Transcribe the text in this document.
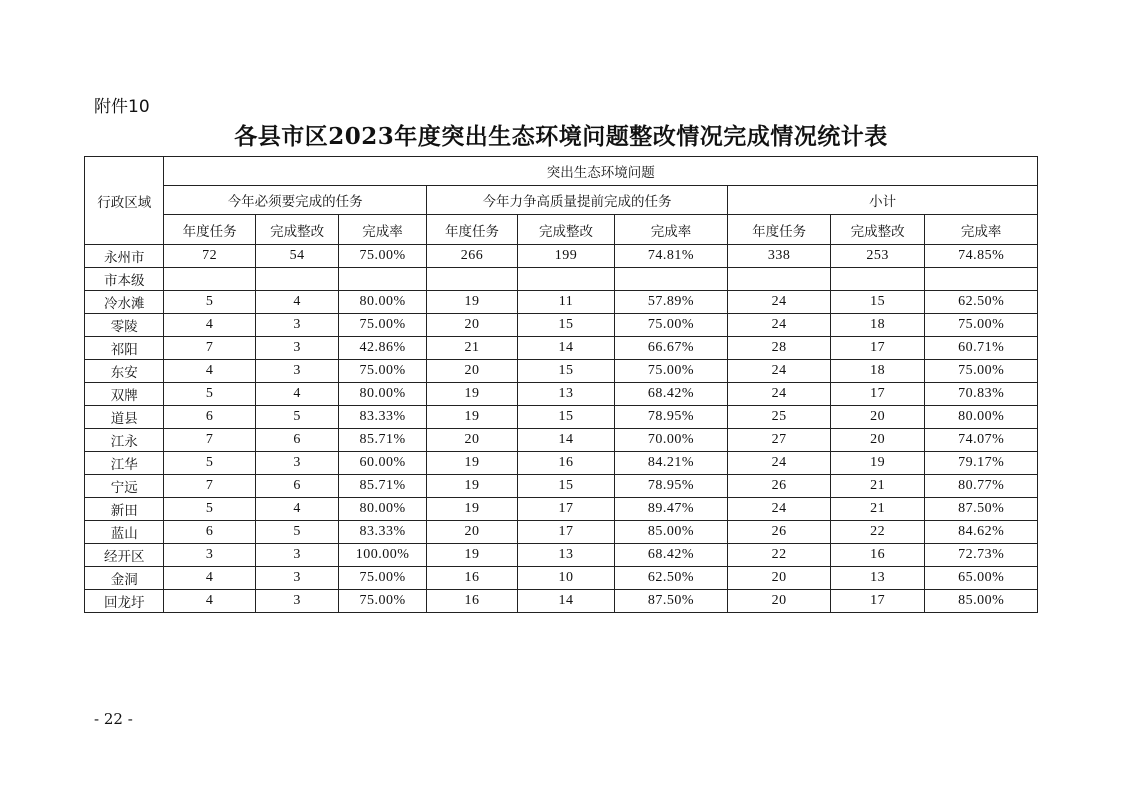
附件10
各县市区2023年度突出生态环境问题整改情况完成情况统计表
行政区域	突出生态环境问题								
	今年必须要完成的任务			今年力争高质量提前完成的任务			小计		
	年度任务	完成整改	完成率	年度任务	完成整改	完成率	年度任务	完成整改	完成率
永州市	72	54	75.00%	266	199	74.81%	338	253	74.85%
市本级									
冷水滩	5	4	80.00%	19	11	57.89%	24	15	62.50%
零陵	4	3	75.00%	20	15	75.00%	24	18	75.00%
祁阳	7	3	42.86%	21	14	66.67%	28	17	60.71%
东安	4	3	75.00%	20	15	75.00%	24	18	75.00%
双牌	5	4	80.00%	19	13	68.42%	24	17	70.83%
道县	6	5	83.33%	19	15	78.95%	25	20	80.00%
江永	7	6	85.71%	20	14	70.00%	27	20	74.07%
江华	5	3	60.00%	19	16	84.21%	24	19	79.17%
宁远	7	6	85.71%	19	15	78.95%	26	21	80.77%
新田	5	4	80.00%	19	17	89.47%	24	21	87.50%
蓝山	6	5	83.33%	20	17	85.00%	26	22	84.62%
经开区	3	3	100.00%	19	13	68.42%	22	16	72.73%
金洞	4	3	75.00%	16	10	62.50%	20	13	65.00%
回龙圩	4	3	75.00%	16	14	87.50%	20	17	85.00%
- 22 -
